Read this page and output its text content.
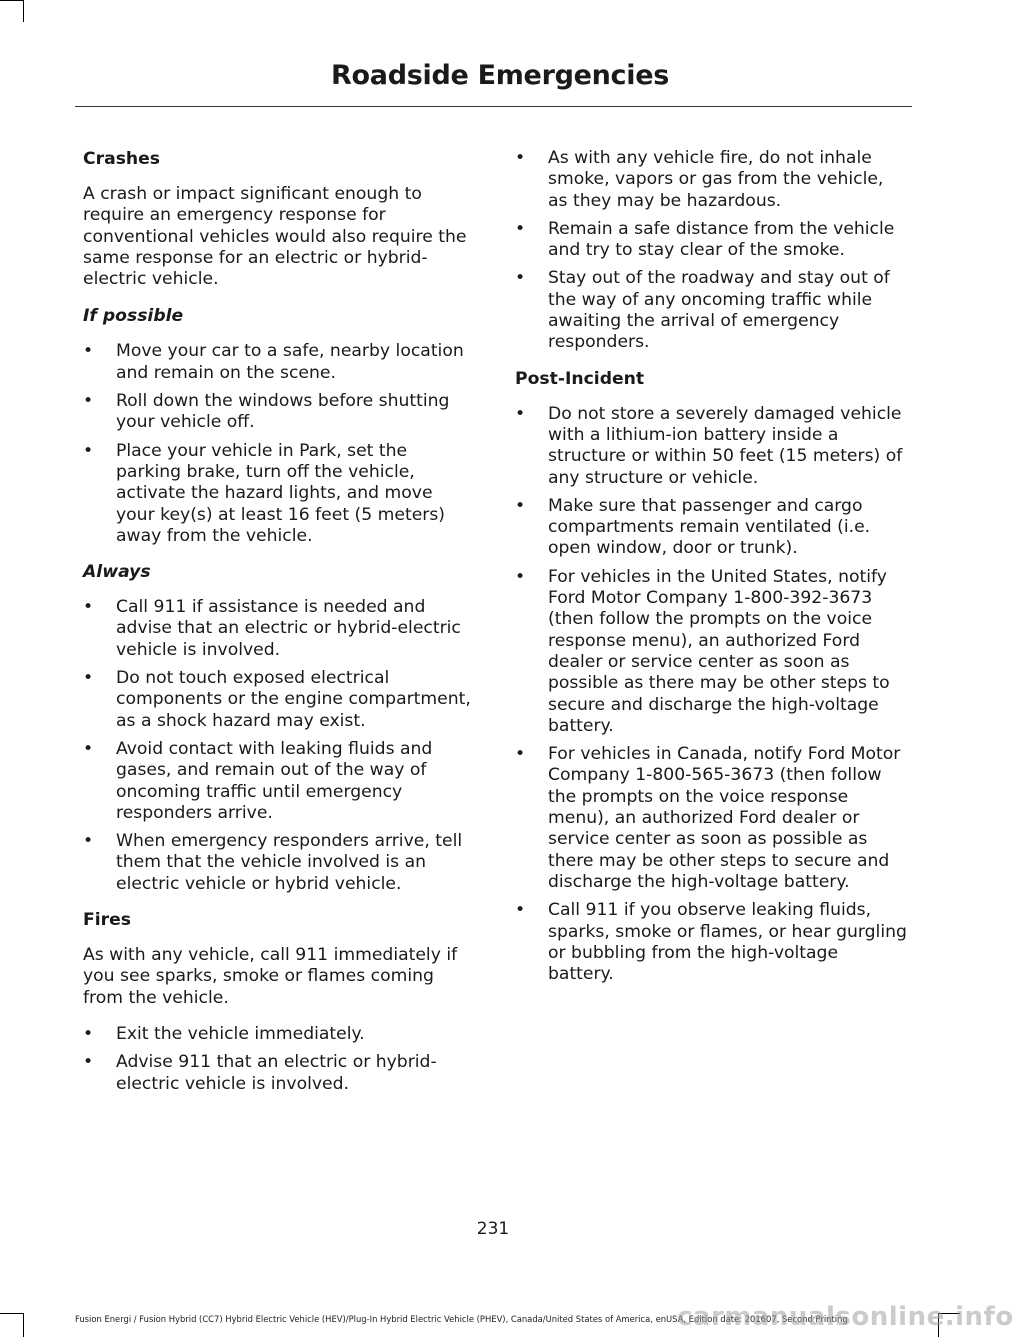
Roadside Emergencies
Crashes

A crash or impact significant enough to require an emergency response for conventional vehicles would also require the same response for an electric or hybrid-electric vehicle.

If possible
•	Move your car to a safe, nearby location and remain on the scene.
•	Roll down the windows before shutting your vehicle off.
•	Place your vehicle in Park, set the parking brake, turn off the vehicle, activate the hazard lights, and move your key(s) at least 16 feet (5 meters) away from the vehicle.
Always
•	Call 911 if assistance is needed and advise that an electric or hybrid-electric vehicle is involved.
•	Do not touch exposed electrical components or the engine compartment, as a shock hazard may exist.
•	Avoid contact with leaking fluids and gases, and remain out of the way of oncoming traffic until emergency responders arrive.
•	When emergency responders arrive, tell them that the vehicle involved is an electric vehicle or hybrid vehicle.
Fires

As with any vehicle, call 911 immediately if you see sparks, smoke or flames coming from the vehicle.

•	Exit the vehicle immediately.
•	Advise 911 that an electric or hybrid-electric vehicle is involved.
•	As with any vehicle fire, do not inhale smoke, vapors or gas from the vehicle, as they may be hazardous.
•	Remain a safe distance from the vehicle and try to stay clear of the smoke.
•	Stay out of the roadway and stay out of the way of any oncoming traffic while awaiting the arrival of emergency responders.
Post-Incident
•	Do not store a severely damaged vehicle with a lithium-ion battery inside a structure or within 50 feet (15 meters) of any structure or vehicle.
•	Make sure that passenger and cargo compartments remain ventilated (i.e. open window, door or trunk).
•	For vehicles in the United States, notify Ford Motor Company 1-800-392-3673 (then follow the prompts on the voice response menu), an authorized Ford dealer or service center as soon as possible as there may be other steps to secure and discharge the high-voltage battery.
•	For vehicles in Canada, notify Ford Motor Company 1-800-565-3673 (then follow the prompts on the voice response menu), an authorized Ford dealer or service center as soon as possible as there may be other steps to secure and discharge the high-voltage battery.
•	Call 911 if you observe leaking fluids, sparks, smoke or flames, or hear gurgling or bubbling from the high-voltage battery.
231
Fusion Energi / Fusion Hybrid (CC7) Hybrid Electric Vehicle (HEV)/Plug-In Hybrid Electric Vehicle (PHEV), Canada/United States of America, enUSA, Edition date: 201607, Second Printing
carmanualsonline.info
